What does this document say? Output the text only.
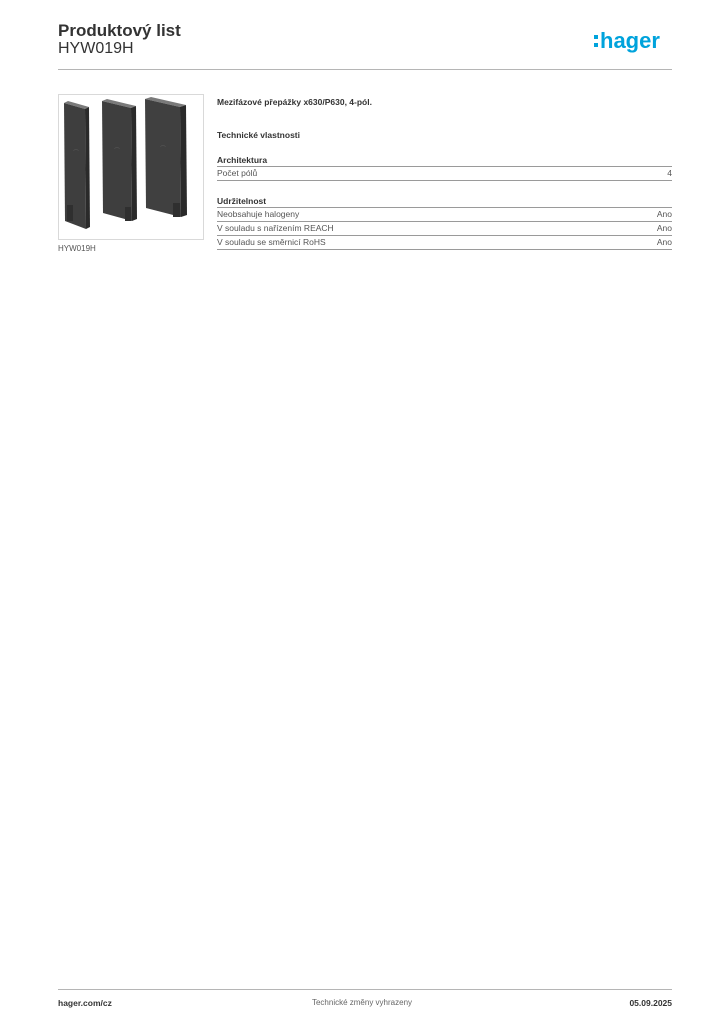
Produktový list
HYW019H	hager
⌒	⌒	⌒
HYW019H
Mezifázové přepážky x630/P630, 4-pól.
Technické vlastnosti
Architektura
Počet pólů	4
Udržitelnost
Neobsahuje halogeny	Ano
V souladu s nařízením REACH	Ano
V souladu se směrnicí RoHS	Ano
hager.com/cz	Technické změny vyhrazeny	05.09.2025
